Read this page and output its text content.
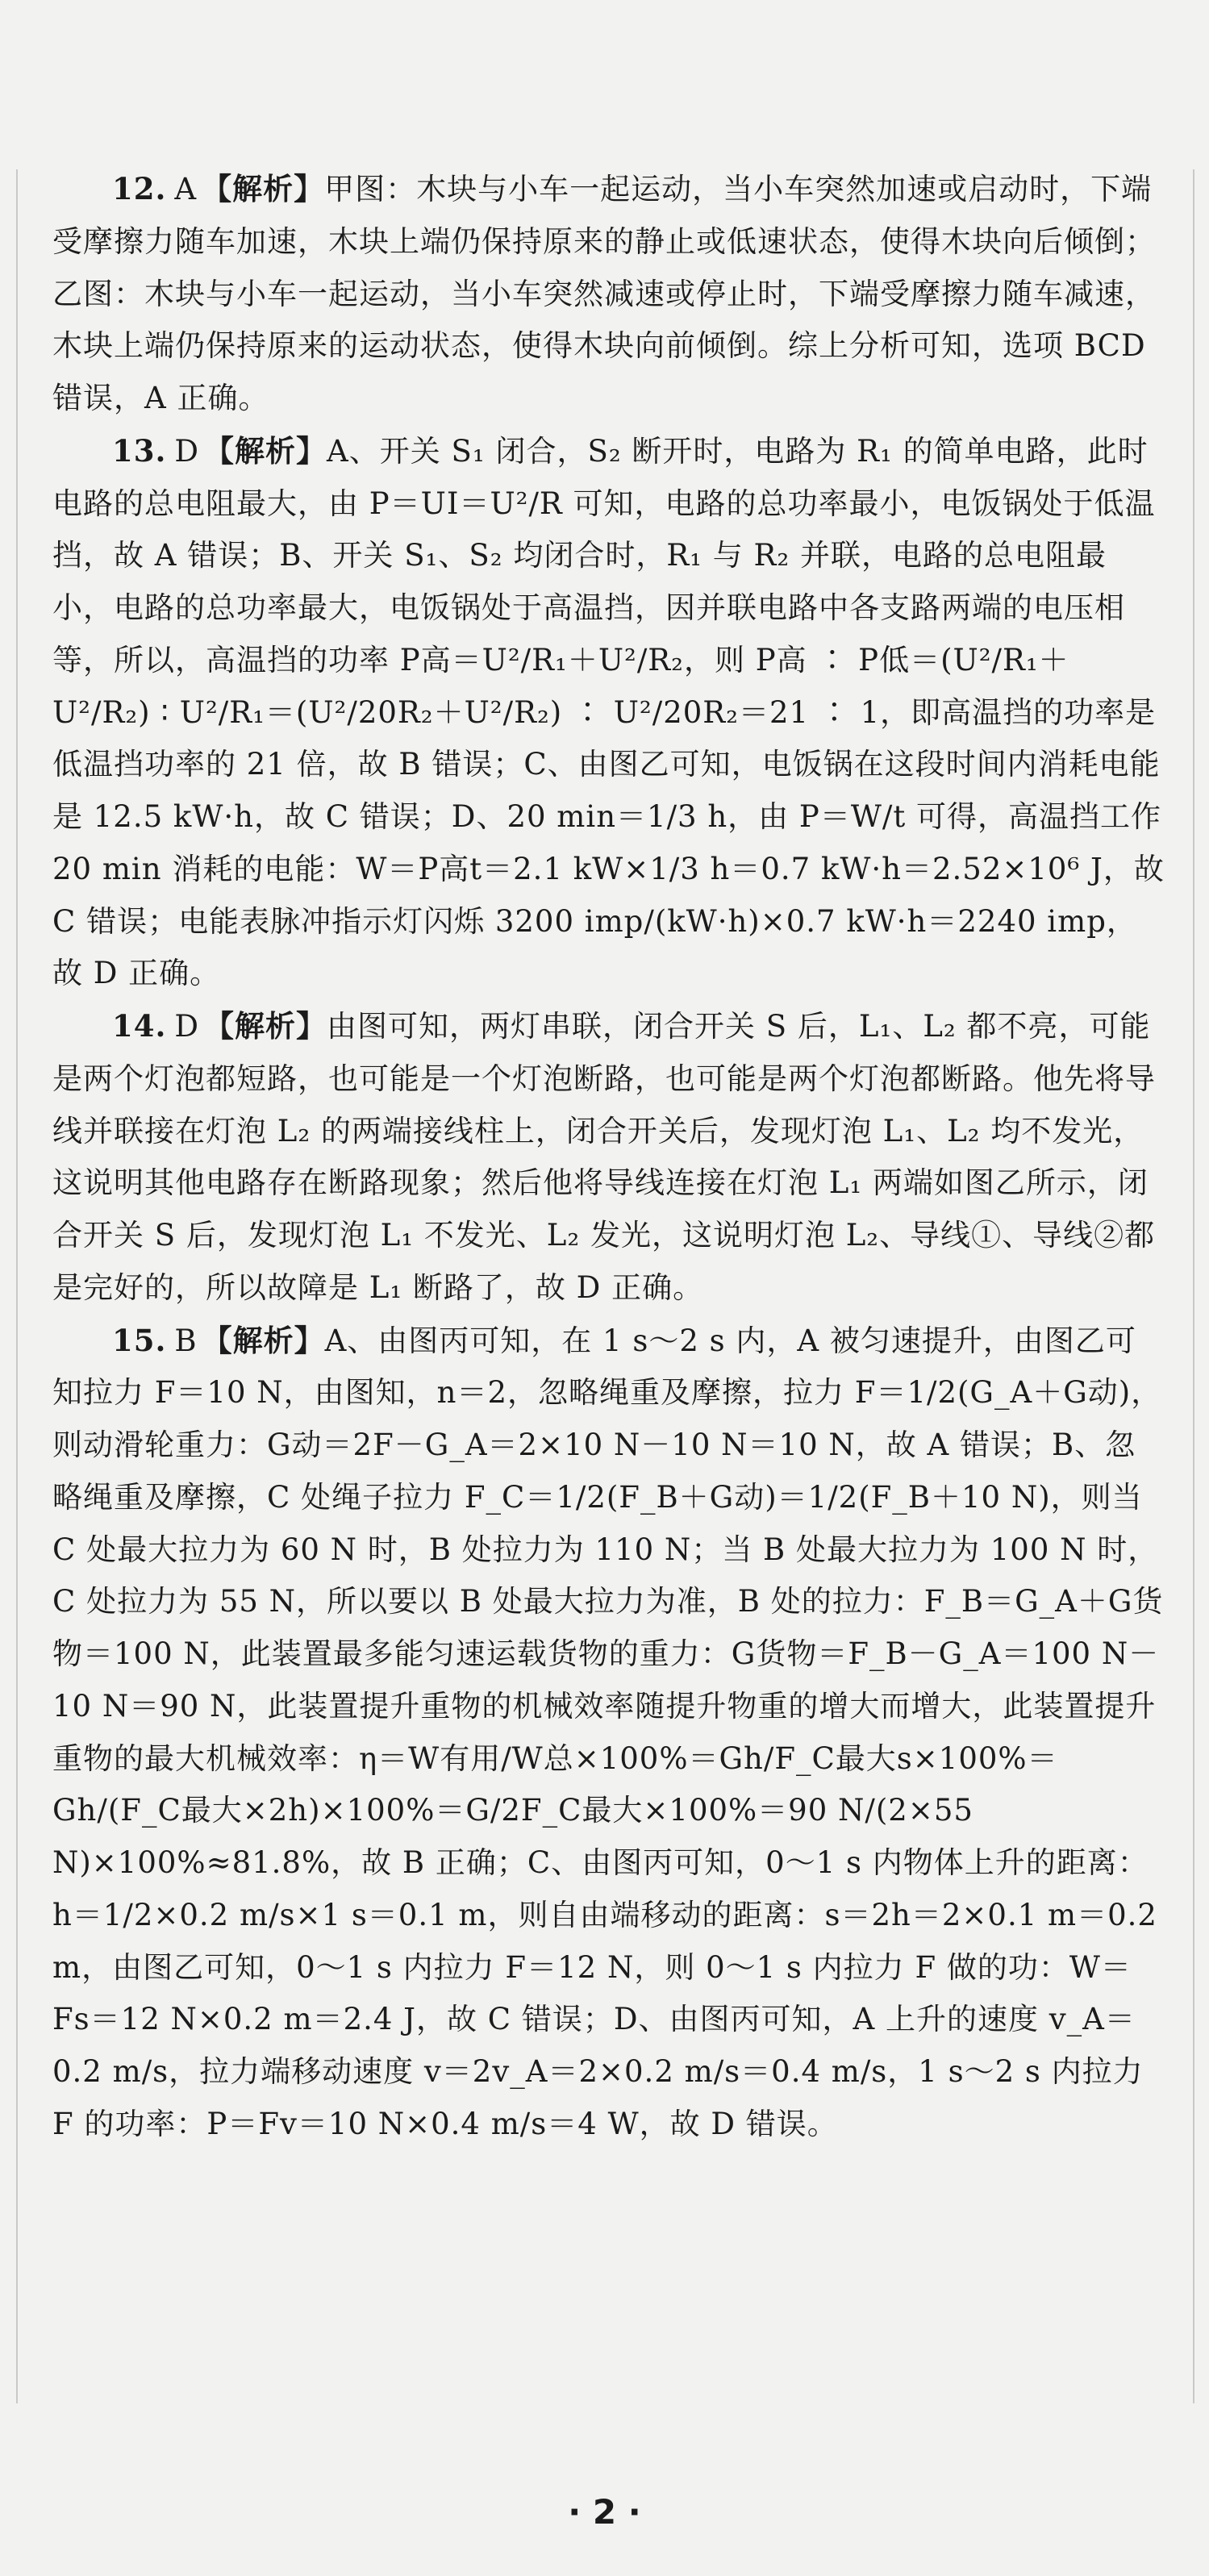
12. A 【解析】甲图：木块与小车一起运动，当小车突然加速或启动时，下端受摩擦力随车加速，木块上端仍保持原来的静止或低速状态，使得木块向后倾倒；乙图：木块与小车一起运动，当小车突然减速或停止时，下端受摩擦力随车减速，木块上端仍保持原来的运动状态，使得木块向前倾倒。综上分析可知，选项 BCD 错误，A 正确。

13. D 【解析】A、开关 S₁ 闭合，S₂ 断开时，电路为 R₁ 的简单电路，此时电路的总电阻最大，由 P＝UI＝U²/R 可知，电路的总功率最小，电饭锅处于低温挡，故 A 错误；B、开关 S₁、S₂ 均闭合时，R₁ 与 R₂ 并联，电路的总电阻最小，电路的总功率最大，电饭锅处于高温挡，因并联电路中各支路两端的电压相等，所以，高温挡的功率 P高＝U²/R₁＋U²/R₂，则 P高 ∶ P低＝(U²/R₁＋U²/R₂) ∶ U²/R₁＝(U²/20R₂＋U²/R₂) ∶ U²/20R₂＝21 ∶ 1，即高温挡的功率是低温挡功率的 21 倍，故 B 错误；C、由图乙可知，电饭锅在这段时间内消耗电能是 12.5 kW·h，故 C 错误；D、20 min＝1/3 h，由 P＝W/t 可得，高温挡工作 20 min 消耗的电能：W＝P高t＝2.1 kW×1/3 h＝0.7 kW·h＝2.52×10⁶ J，故 C 错误；电能表脉冲指示灯闪烁 3200 imp/(kW·h)×0.7 kW·h＝2240 imp，故 D 正确。

14. D 【解析】由图可知，两灯串联，闭合开关 S 后，L₁、L₂ 都不亮，可能是两个灯泡都短路，也可能是一个灯泡断路，也可能是两个灯泡都断路。他先将导线并联接在灯泡 L₂ 的两端接线柱上，闭合开关后，发现灯泡 L₁、L₂ 均不发光，这说明其他电路存在断路现象；然后他将导线连接在灯泡 L₁ 两端如图乙所示，闭合开关 S 后，发现灯泡 L₁ 不发光、L₂ 发光，这说明灯泡 L₂、导线①、导线②都是完好的，所以故障是 L₁ 断路了，故 D 正确。

15. B 【解析】A、由图丙可知，在 1 s～2 s 内，A 被匀速提升，由图乙可知拉力 F＝10 N，由图知，n＝2，忽略绳重及摩擦，拉力 F＝1/2(G_A＋G动)，则动滑轮重力：G动＝2F－G_A＝2×10 N－10 N＝10 N，故 A 错误；B、忽略绳重及摩擦，C 处绳子拉力 F_C＝1/2(F_B＋G动)＝1/2(F_B＋10 N)，则当 C 处最大拉力为 60 N 时，B 处拉力为 110 N；当 B 处最大拉力为 100 N 时，C 处拉力为 55 N，所以要以 B 处最大拉力为准，B 处的拉力：F_B＝G_A＋G货物＝100 N，此装置最多能匀速运载货物的重力：G货物＝F_B－G_A＝100 N－10 N＝90 N，此装置提升重物的机械效率随提升物重的增大而增大，此装置提升重物的最大机械效率：η＝W有用/W总×100%＝Gh/F_C最大s×100%＝Gh/(F_C最大×2h)×100%＝G/2F_C最大×100%＝90 N/(2×55 N)×100%≈81.8%，故 B 正确；C、由图丙可知，0～1 s 内物体上升的距离：h＝1/2×0.2 m/s×1 s＝0.1 m，则自由端移动的距离：s＝2h＝2×0.1 m＝0.2 m，由图乙可知，0～1 s 内拉力 F＝12 N，则 0～1 s 内拉力 F 做的功：W＝Fs＝12 N×0.2 m＝2.4 J，故 C 错误；D、由图丙可知，A 上升的速度 v_A＝0.2 m/s，拉力端移动速度 v＝2v_A＝2×0.2 m/s＝0.4 m/s，1 s～2 s 内拉力 F 的功率：P＝Fv＝10 N×0.4 m/s＝4 W，故 D 错误。

· 2 ·
